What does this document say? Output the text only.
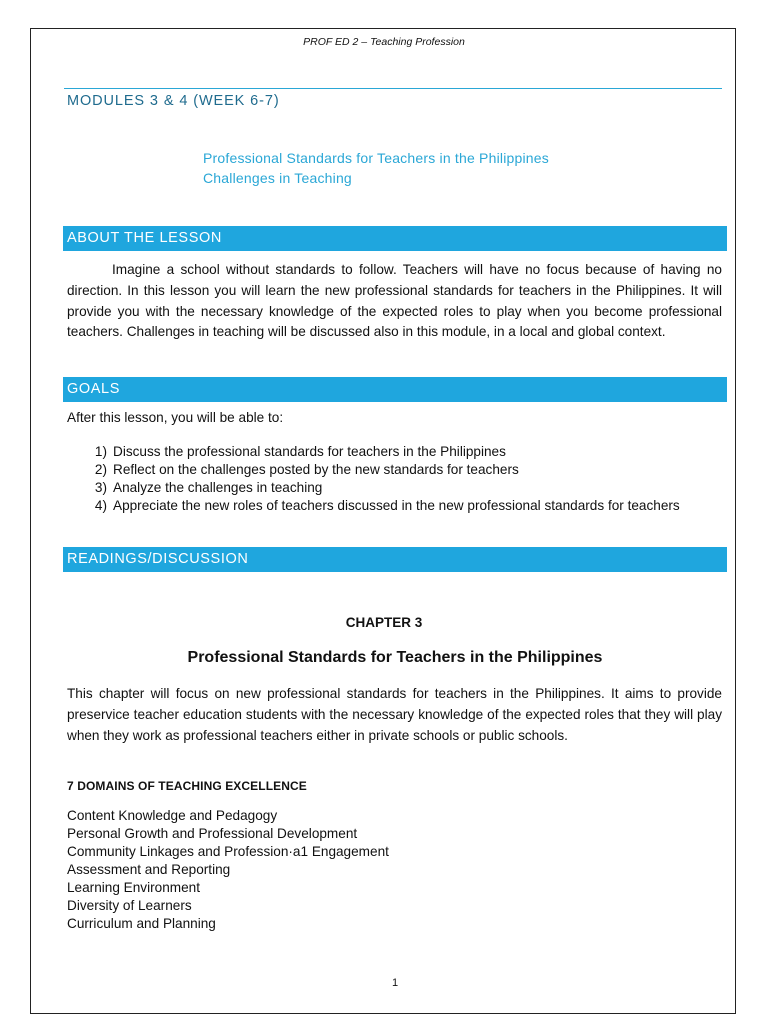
PROF ED 2 – Teaching Profession
MODULES 3 & 4 (WEEK 6-7)
Professional Standards for Teachers in the Philippines
Challenges in Teaching
ABOUT THE LESSON
Imagine a school without standards to follow. Teachers will have no focus because of having no direction. In this lesson you will learn the new professional standards for teachers in the Philippines. It will provide you with the necessary knowledge of the expected roles to play when you become professional teachers. Challenges in teaching will be discussed also in this module, in a local and global context.
GOALS
After this lesson, you will be able to:
1) Discuss the professional standards for teachers in the Philippines
2) Reflect on the challenges posted by the new standards for teachers
3) Analyze the challenges in teaching
4) Appreciate the new roles of teachers discussed in the new professional standards for teachers
READINGS/DISCUSSION
CHAPTER 3
Professional Standards for Teachers in the Philippines
This chapter will focus on new professional standards for teachers in the Philippines. It aims to provide preservice teacher education students with the necessary knowledge of the expected roles that they will play when they work as professional teachers either in private schools or public schools.
7 DOMAINS OF TEACHING EXCELLENCE
Content Knowledge and Pedagogy
Personal Growth and Professional Development
Community Linkages and Profession·a1 Engagement
Assessment and Reporting
Learning Environment
Diversity of Learners
Curriculum and Planning
1
